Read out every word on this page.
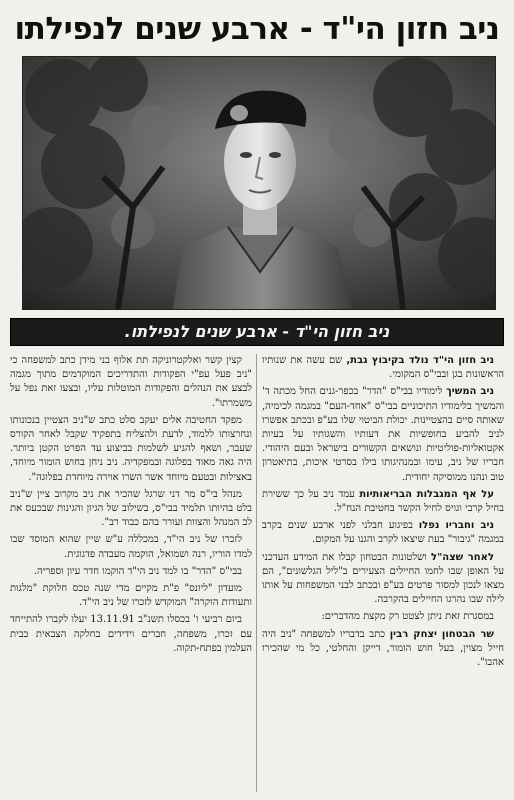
ניב חזון הי"ד - ארבע שנים לנפילתו
ניב חזון הי"ד - ארבע שנים לנפילתו.

ניב חזון הי"ד נולד בקיבוץ גבת, שם עשה את שנותיו הראשונות בגן ובבי"ס המקומי.

ניב המשיך לימודיו בבי"ס "הדר" בכפר-גנים החל מכתה ד' והמשיך בלימודיו התיכוניים בבי"ס "אחד-העם" במגמה לכימיה, שאותה סיים בהצטיינות. יכולת הביטוי שלו בע"פ ובכתב אפשרו לניב להביע בחופשיות את דעותיו והשגותיו על בעיות אקטואליות-פוליטיות ונושאים הקשורים בישראל ובעם היהודי. חבריו של ניב, עימו ובמנהיגותו בילו בסרטי איכות, בתיאטרון טוב ונהנו ממוסיקה יחודית.

על אף המגבלות הבריאותיות עמד ניב על כך ששירת בחיל קרבי וגויס לחיל הקשר בחטיבת הנח"ל.

ניב וחבריו נפלו בפיגוע חבלני לפני ארבע שנים בקרב במגמה "גיבור" בעת שיצאו לקרב והגנו על המקום.

לאחר שצה"ל ושלטונות הבטחון קבלו את המידע העדכני על האופן שבו לחמו החיילים הצעירים ב"ליל הגלשונים", הם מצאו לנכון למסור פרטים בע"פ ובכתב לבני המשפחות על אותו לילה שבו נהרגו החיילים בהקרבה.

במסגרת זאת ניתן לצטט רק מקצת מהדברים:

שר הבטחון יצחק רבין כתב בדבריו למשפחה "ניב היה חייל מצוין, בעל חוש הומור, דייקן והחלטי, כל מי שהכירו אהבו".

קצין קשר ואלקטרוניקה תת אלוף בני מידן כתב למשפחה כי "ניב פעל עפ"י הפקודות והתדריכים המוקדמים מתוך מגמה לבצע את הנהלים והפקודות המוטלות עליו, ובצעו זאת נפל על משמרתו".

מפקד החטיבה אלים יעקב סלט כתב ש"ניב הצטיין בנכונותו ונחרצותו ללמוד, לדעת ולהצליח בתפקיד שקבל לאחר הקורס שעבר, ושאף להגיע לשלמות בביצוע עד הפרט הקטן ביותר. היה גאה מאוד בפלוגה ובמפקדיה. ניב ניחן בחוש הומור מיוחד, באצילות ובטעם מיוחד אשר השרו אוירה מיוחדת בפלוגה".

מנהל בי"ס מר דני שרגל שהכיר את ניב מקרוב ציין ש"ניב בלט בהיותו תלמיד בבי"ס, בשילוב של הגיון והגינות שבכעס את לב המנהל והצוות ועורר בהם כבוד רב".

לזכרו של ניב הי"ד, במכללה ע"ש שיין שהוא המוסד שבו למדו הוריו, רנה ושמואל, הוקמה מעבדה פדגוגית.

בבי"ס "הדר" בו למד ניב הי"ד הוקמו חדר עיון וספריה.

מועדון "ליונס" פ"ת מקיים מדי שנה טכס חלוקת "מלגות ותעודות הוקרה" המוקדש לזכרו של ניב הי"ד.

ביום רביעי ו' בכסלו תשנ"ב 13.11.91 יעלו לקברו להתייחד עם זכרו, משפחה, חברים וידידים בחלקה הצבאית בבית העלמין בפתח-תקוה.
